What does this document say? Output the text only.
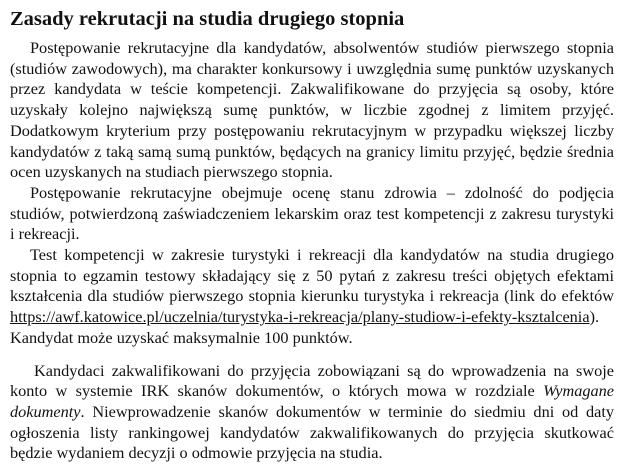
Zasady rekrutacji na studia drugiego stopnia

Postępowanie rekrutacyjne dla kandydatów, absolwentów studiów pierwszego stopnia (studiów zawodowych), ma charakter konkursowy i uwzględnia sumę punktów uzyskanych przez kandydata w teście kompetencji. Zakwalifikowane do przyjęcia są osoby, które uzyskały kolejno największą sumę punktów, w liczbie zgodnej z limitem przyjęć. Dodatkowym kryterium przy postępowaniu rekrutacyjnym w przypadku większej liczby kandydatów z taką samą sumą punktów, będących na granicy limitu przyjęć, będzie średnia ocen uzyskanych na studiach pierwszego stopnia.

Postępowanie rekrutacyjne obejmuje ocenę stanu zdrowia – zdolność do podjęcia studiów, potwierdzoną zaświadczeniem lekarskim oraz test kompetencji z zakresu turystyki i rekreacji.

Test kompetencji w zakresie turystyki i rekreacji dla kandydatów na studia drugiego stopnia to egzamin testowy składający się z 50 pytań z zakresu treści objętych efektami kształcenia dla studiów pierwszego stopnia kierunku turystyka i rekreacja (link do efektów https://awf.katowice.pl/uczelnia/turystyka-i-rekreacja/plany-studiow-i-efekty-ksztalcenia). Kandydat może uzyskać maksymalnie 100 punktów.

Kandydaci zakwalifikowani do przyjęcia zobowiązani są do wprowadzenia na swoje konto w systemie IRK skanów dokumentów, o których mowa w rozdziale Wymagane dokumenty. Niewprowadzenie skanów dokumentów w terminie do siedmiu dni od daty ogłoszenia listy rankingowej kandydatów zakwalifikowanych do przyjęcia skutkować będzie wydaniem decyzji o odmowie przyjęcia na studia.
